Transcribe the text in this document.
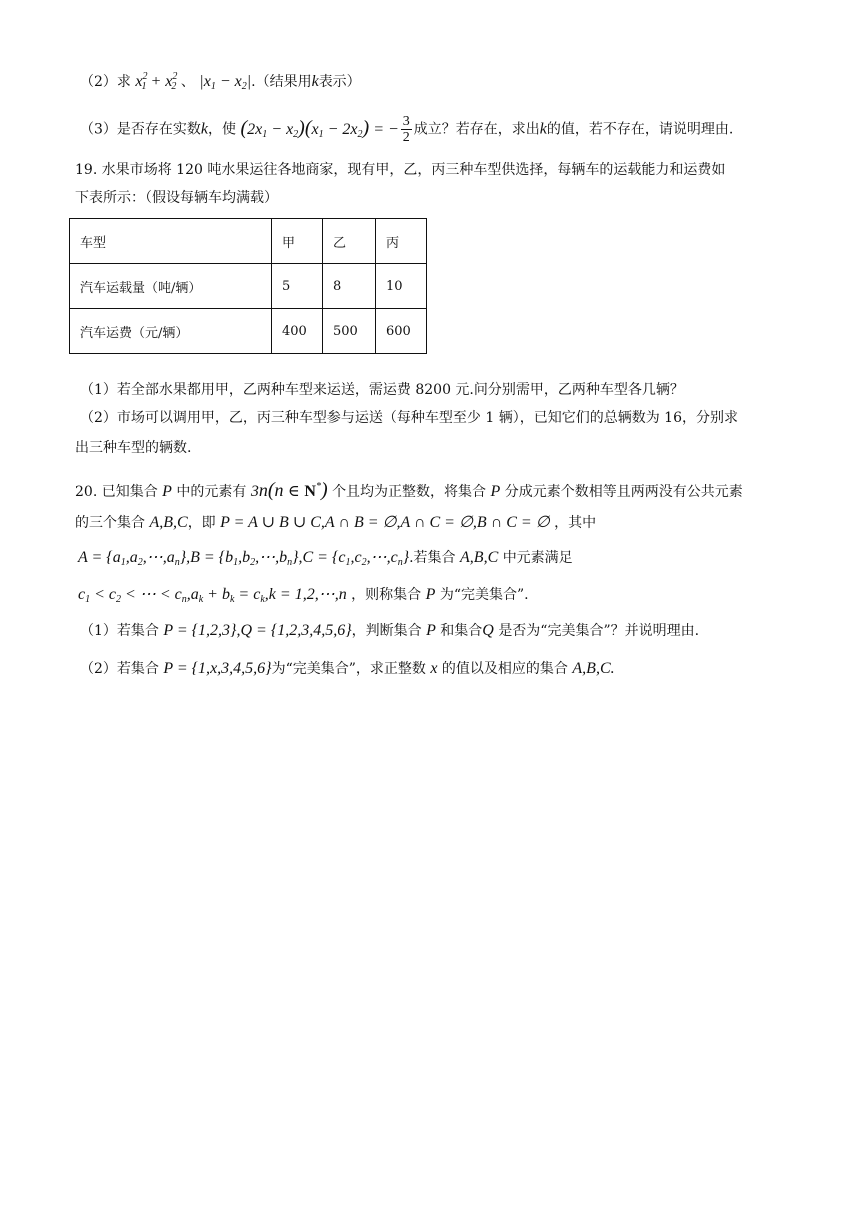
（2）求 $x^2_1 + x^2_2$ 、 $|x_1 - x_2|$.（结果用k表示）
（3）是否存在实数k，使 $(2x_1 - x_2)(x_1 - 2x_2)$ = − $\frac{3}{2}$ 成立？若存在，求出k的值，若不存在，请说明理由.
19. 水果市场将 120 吨水果运往各地商家，现有甲，乙，丙三种车型供选择，每辆车的运载能力和运费如
下表所示：（假设每辆车均满载）
车型	甲	乙	丙
汽车运载量（吨/辆）	5	8	10
汽车运费（元/辆）	400	500	600
（1）若全部水果都用甲，乙两种车型来运送，需运费 8200 元.问分别需甲，乙两种车型各几辆？
（2）市场可以调用甲，乙，丙三种车型参与运送（每种车型至少 1 辆），已知它们的总辆数为 16，分别求
出三种车型的辆数.
20. 已知集合 P 中的元素有 3n(n ∈ N*) 个且均为正整数，将集合 P 分成元素个数相等且两两没有公共元素
的三个集合 A,B,C，即 P = A ∪ B ∪ C,A ∩ B = ∅,A ∩ C = ∅,B ∩ C = ∅ ，其中
$A = \{a_1,a_2,\cdots,a_n\},B$ = $\{b_1,b_2,\cdots,b_n\},C$ = $\{c_1,c_2,\cdots,c_n\}$.若集合 A,B,C 中元素满足
$c_1 < c_2$ < ⋯ < $c_n,a_k + b_k = c_k,k$ = 1,2,⋯,n ，则称集合 P 为“完美集合”.
（1）若集合 P = {1,2,3},Q = {1,2,3,4,5,6}，判断集合 P 和集合Q 是否为“完美集合”？并说明理由.
（2）若集合 P = {1,x,3,4,5,6}为“完美集合”，求正整数 x 的值以及相应的集合 A,B,C.
